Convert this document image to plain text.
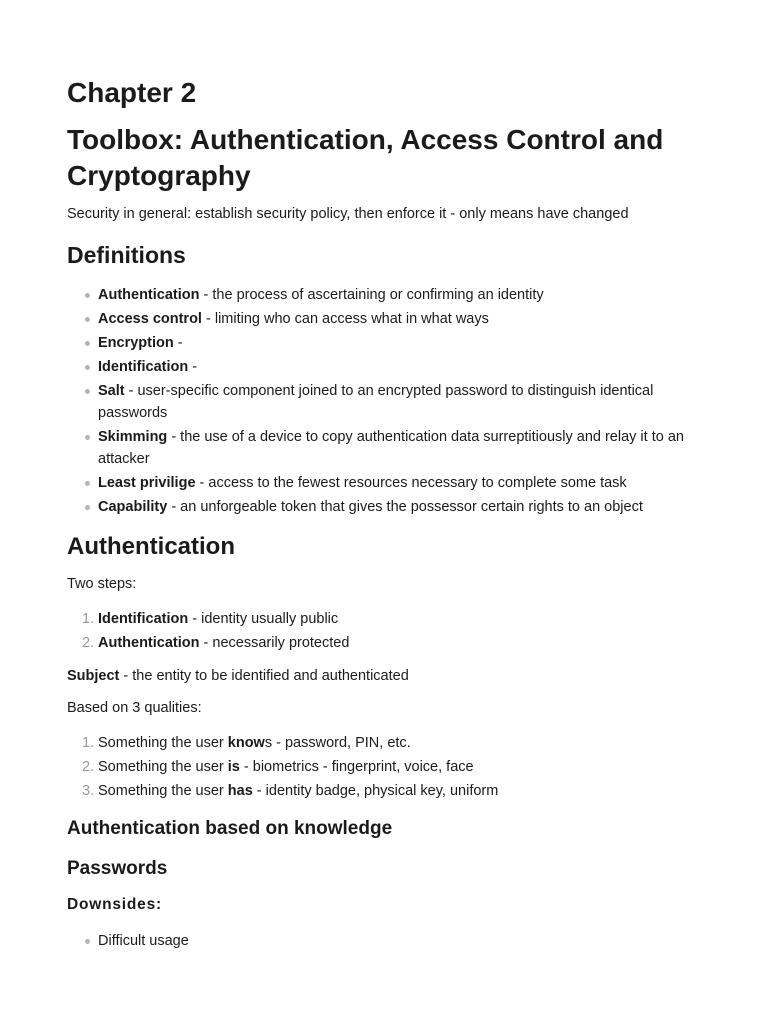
Chapter 2
Toolbox: Authentication, Access Control and Cryptography

Security in general: establish security policy, then enforce it - only means have changed

Definitions
Authentication - the process of ascertaining or confirming an identity
Access control - limiting who can access what in what ways
Encryption -
Identification -
Salt - user-specific component joined to an encrypted password to distinguish identical passwords
Skimming - the use of a device to copy authentication data surreptitiously and relay it to an attacker
Least privilige - access to the fewest resources necessary to complete some task
Capability - an unforgeable token that gives the possessor certain rights to an object
Authentication

Two steps:

1. Identification - identity usually public
2. Authentication - necessarily protected

Subject - the entity to be identified and authenticated

Based on 3 qualities:

1. Something the user knows - password, PIN, etc.
2. Something the user is - biometrics - fingerprint, voice, face
3. Something the user has - identity badge, physical key, uniform
Authentication based on knowledge
Passwords
Downsides:
Difficult usage
